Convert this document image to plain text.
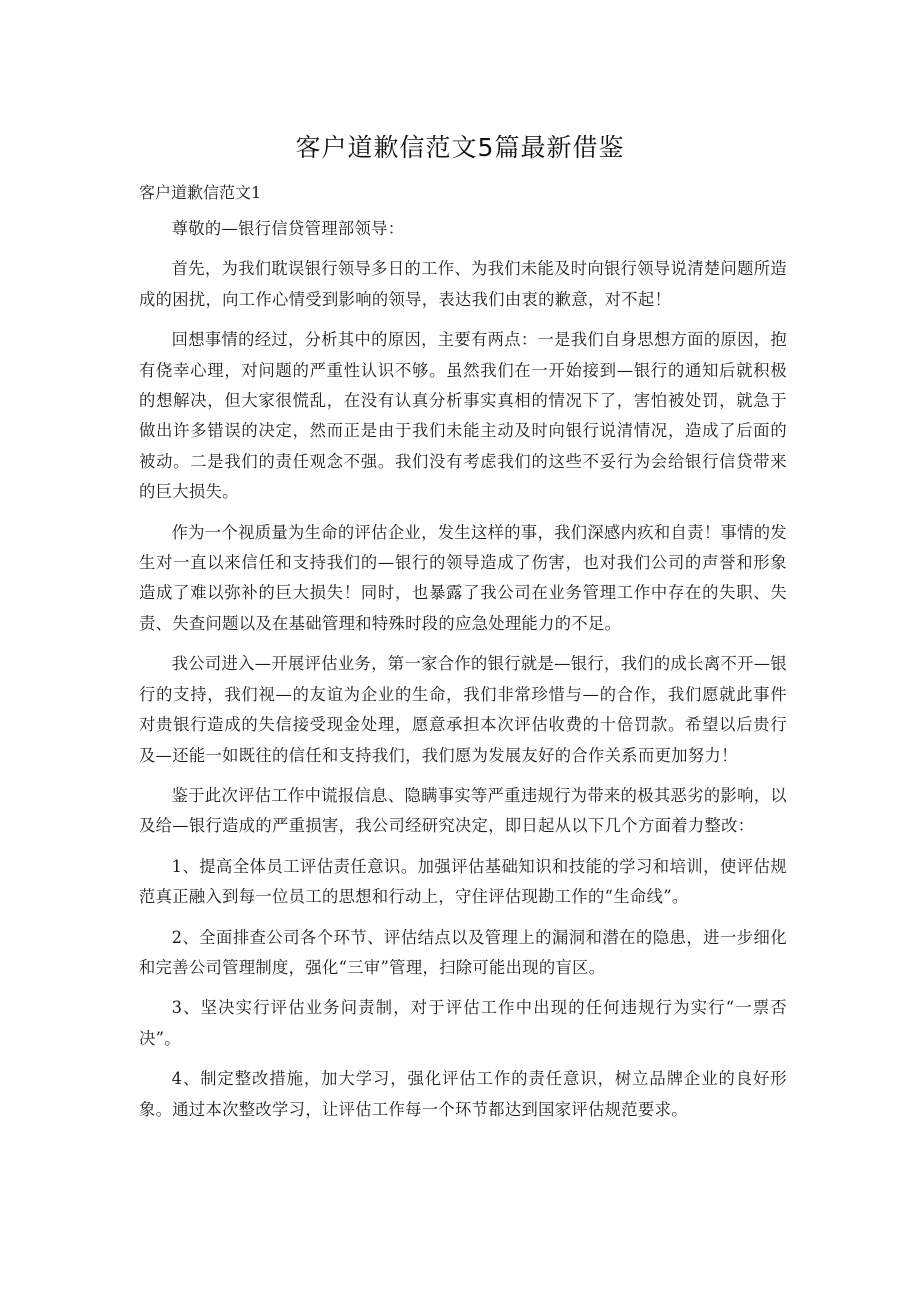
客户道歉信范文5篇最新借鉴

客户道歉信范文1

尊敬的—银行信贷管理部领导：

首先，为我们耽误银行领导多日的工作、为我们未能及时向银行领导说清楚问题所造成的困扰，向工作心情受到影响的领导，表达我们由衷的歉意，对不起！

回想事情的经过，分析其中的原因，主要有两点：一是我们自身思想方面的原因，抱有侥幸心理，对问题的严重性认识不够。虽然我们在一开始接到—银行的通知后就积极的想解决，但大家很慌乱，在没有认真分析事实真相的情况下了，害怕被处罚，就急于做出许多错误的决定，然而正是由于我们未能主动及时向银行说清情况，造成了后面的被动。二是我们的责任观念不强。我们没有考虑我们的这些不妥行为会给银行信贷带来的巨大损失。

作为一个视质量为生命的评估企业，发生这样的事，我们深感内疚和自责！事情的发生对一直以来信任和支持我们的—银行的领导造成了伤害，也对我们公司的声誉和形象造成了难以弥补的巨大损失！同时，也暴露了我公司在业务管理工作中存在的失职、失责、失查问题以及在基础管理和特殊时段的应急处理能力的不足。

我公司进入—开展评估业务，第一家合作的银行就是—银行，我们的成长离不开—银行的支持，我们视—的友谊为企业的生命，我们非常珍惜与—的合作，我们愿就此事件对贵银行造成的失信接受现金处理，愿意承担本次评估收费的十倍罚款。希望以后贵行及—还能一如既往的信任和支持我们，我们愿为发展友好的合作关系而更加努力！

鉴于此次评估工作中谎报信息、隐瞒事实等严重违规行为带来的极其恶劣的影响，以及给—银行造成的严重损害，我公司经研究决定，即日起从以下几个方面着力整改：

1、提高全体员工评估责任意识。加强评估基础知识和技能的学习和培训，使评估规范真正融入到每一位员工的思想和行动上，守住评估现勘工作的“生命线”。

2、全面排查公司各个环节、评估结点以及管理上的漏洞和潜在的隐患，进一步细化和完善公司管理制度，强化“三审”管理，扫除可能出现的盲区。

3、坚决实行评估业务问责制，对于评估工作中出现的任何违规行为实行“一票否决”。

4、制定整改措施，加大学习，强化评估工作的责任意识，树立品牌企业的良好形象。通过本次整改学习，让评估工作每一个环节都达到国家评估规范要求。
